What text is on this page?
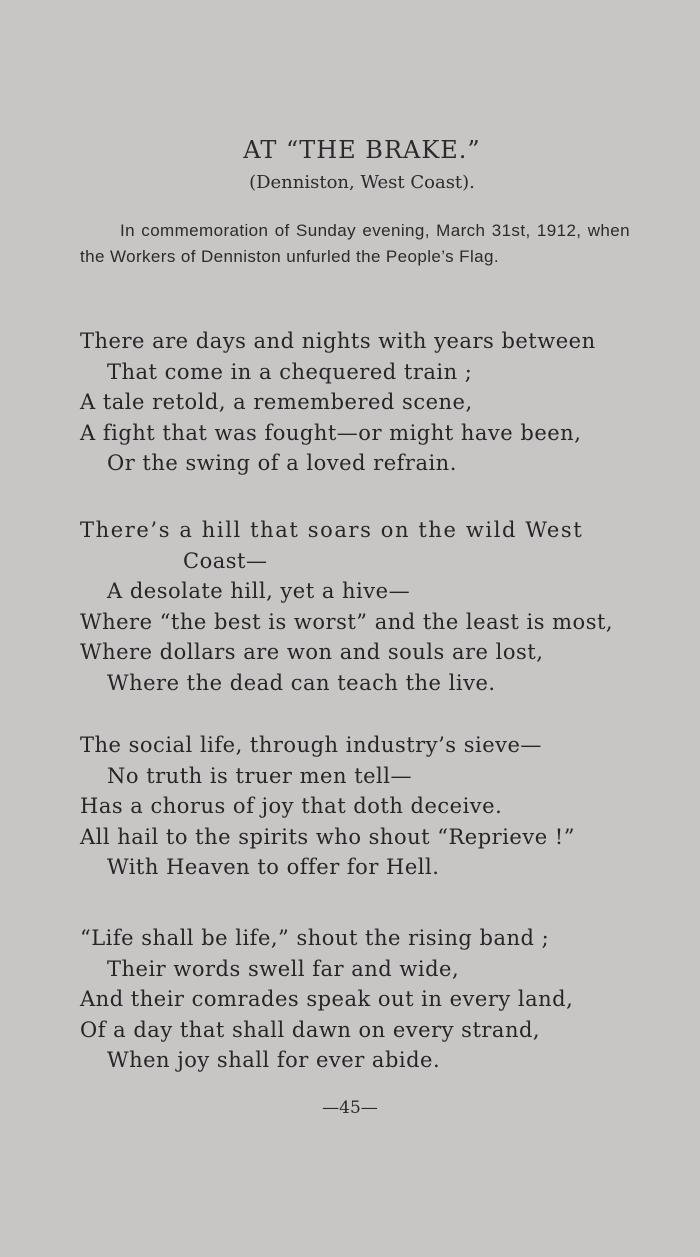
AT “THE BRAKE.”
(Denniston, West Coast).
In commemoration of Sunday evening, March 31st, 1912, when the Workers of Denniston unfurled the People’s Flag.
There are days and nights with years between
That come in a chequered train ;
A tale retold, a remembered scene,
A fight that was fought—or might have been,
Or the swing of a loved refrain.
There’s a hill that soars on the wild West
Coast—
A desolate hill, yet a hive—
Where “the best is worst” and the least is most,
Where dollars are won and souls are lost,
Where the dead can teach the live.
The social life, through industry’s sieve—
No truth is truer men tell—
Has a chorus of joy that doth deceive.
All hail to the spirits who shout “Reprieve !”
With Heaven to offer for Hell.
“Life shall be life,” shout the rising band ;
Their words swell far and wide,
And their comrades speak out in every land,
Of a day that shall dawn on every strand,
When joy shall for ever abide.
—45—
